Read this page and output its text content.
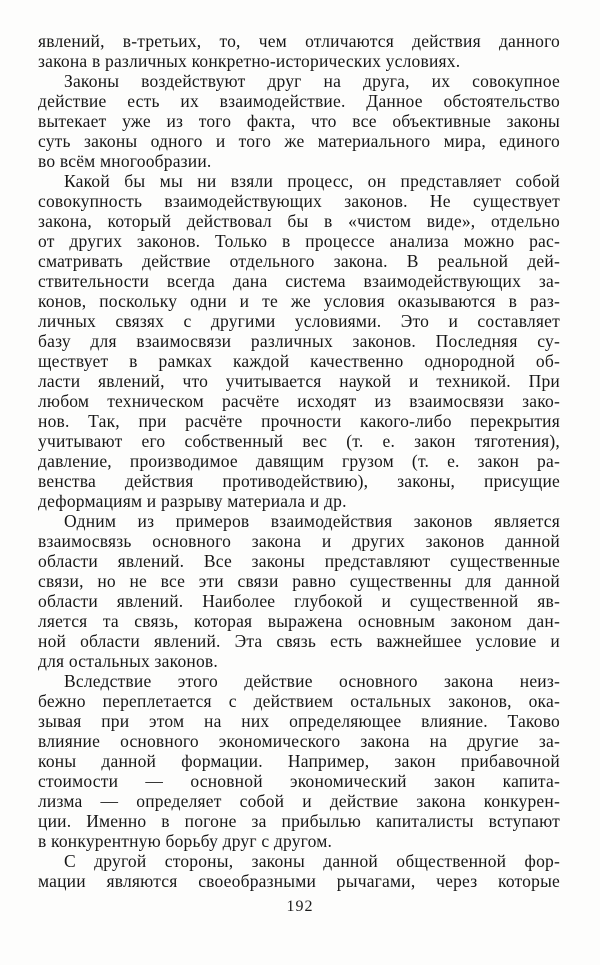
явлений, в-третьих, то, чем отличаются действия данного
закона в различных конкретно-исторических условиях.
Законы воздействуют друг на друга, их совокупное
действие есть их взаимодействие. Данное обстоятельство
вытекает уже из того факта, что все объективные законы
суть законы одного и того же материального мира, единого
во всём многообразии.
Какой бы мы ни взяли процесс, он представляет собой
совокупность взаимодействующих законов. Не существует
закона, который действовал бы в «чистом виде», отдельно
от других законов. Только в процессе анализа можно рас-
сматривать действие отдельного закона. В реальной дей-
ствительности всегда дана система взаимодействующих за-
конов, поскольку одни и те же условия оказываются в раз-
личных связях с другими условиями. Это и составляет
базу для взаимосвязи различных законов. Последняя су-
ществует в рамках каждой качественно однородной об-
ласти явлений, что учитывается наукой и техникой. При
любом техническом расчёте исходят из взаимосвязи зако-
нов. Так, при расчёте прочности какого-либо перекрытия
учитывают его собственный вес (т. е. закон тяготения),
давление, производимое давящим грузом (т. е. закон ра-
венства действия противодействию), законы, присущие
деформациям и разрыву материала и др.
Одним из примеров взаимодействия законов является
взаимосвязь основного закона и других законов данной
области явлений. Все законы представляют существенные
связи, но не все эти связи равно существенны для данной
области явлений. Наиболее глубокой и существенной яв-
ляется та связь, которая выражена основным законом дан-
ной области явлений. Эта связь есть важнейшее условие и
для остальных законов.
Вследствие этого действие основного закона неиз-
бежно переплетается с действием остальных законов, ока-
зывая при этом на них определяющее влияние. Таково
влияние основного экономического закона на другие за-
коны данной формации. Например, закон прибавочной
стоимости — основной экономический закон капита-
лизма — определяет собой и действие закона конкурен-
ции. Именно в погоне за прибылью капиталисты вступают
в конкурентную борьбу друг с другом.
С другой стороны, законы данной общественной фор-
мации являются своеобразными рычагами, через которые
192
